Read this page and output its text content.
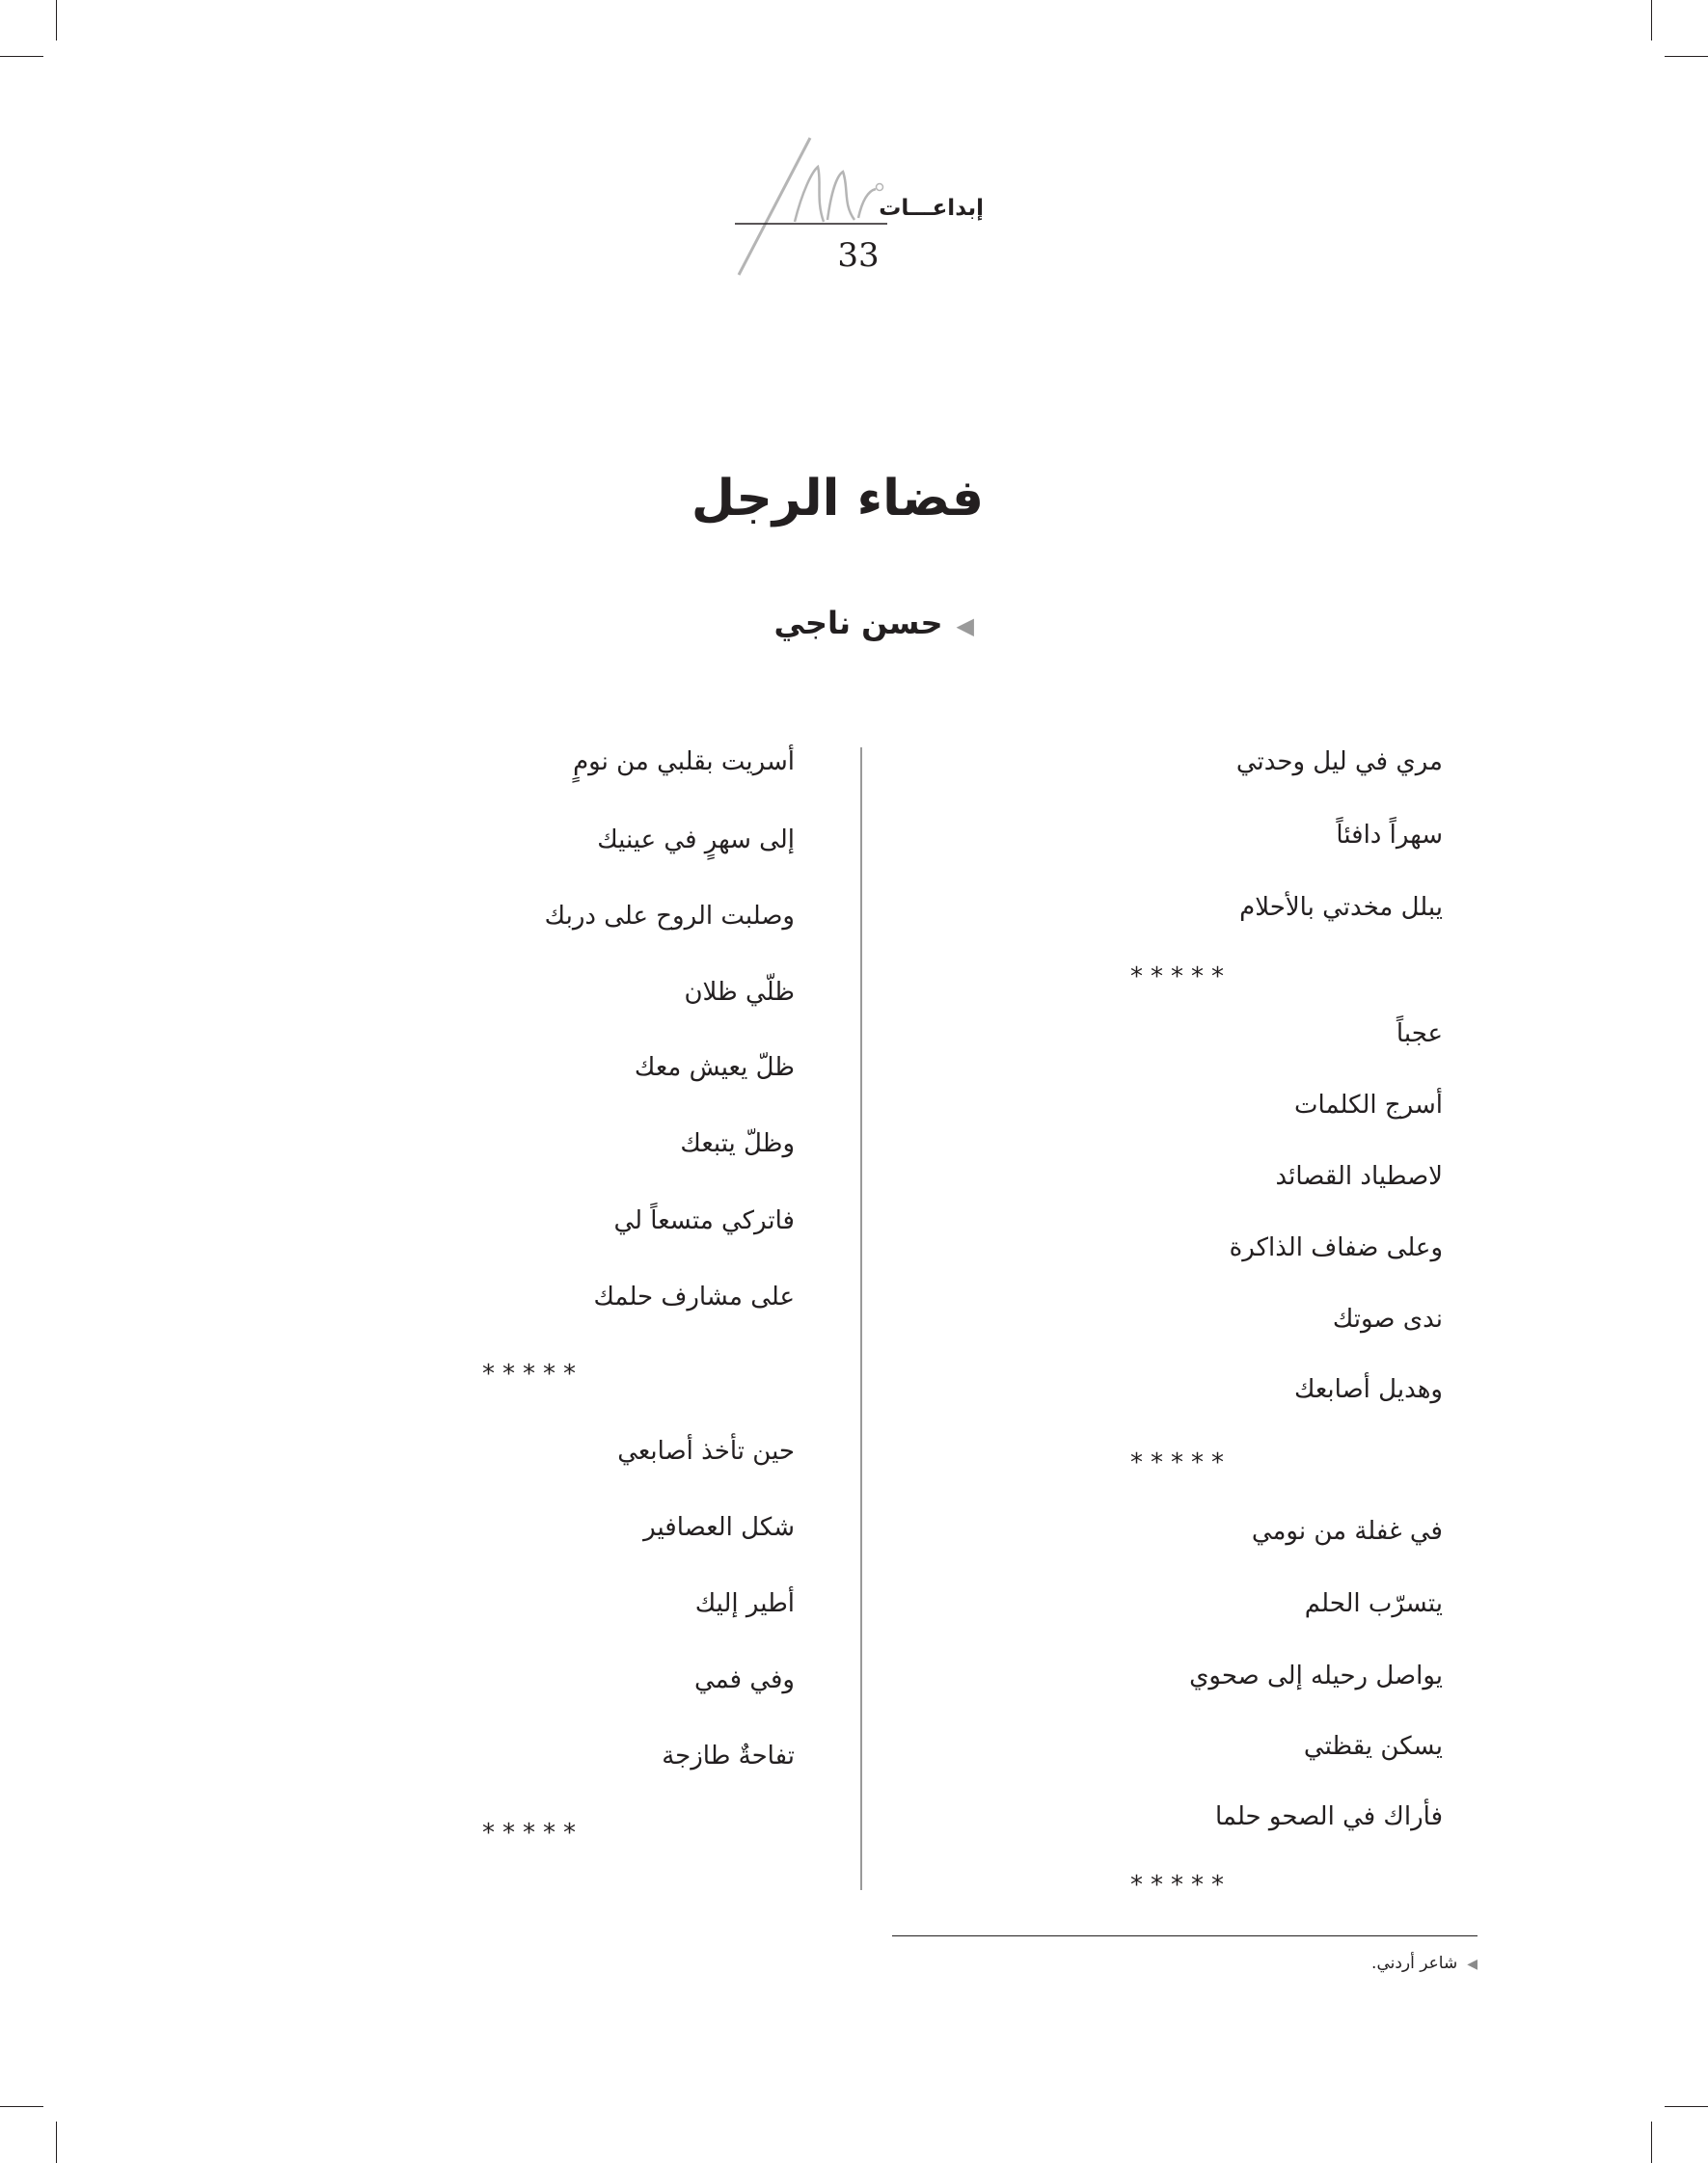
إبداعـــات
33
فضاء الرجل
◀حسن ناجي
مري في ليل وحدتي
سهراً دافئاً
يبلل مخدتي بالأحلام
*****
عجباً
أسرج الكلمات
لاصطياد القصائد
وعلى ضفاف الذاكرة
ندى صوتك
وهديل أصابعك
*****
في غفلة من نومي
يتسرّب الحلم
يواصل رحيله إلى صحوي
يسكن يقظتي
فأراك في الصحو حلما
*****
أسريت بقلبي من نومٍ
إلى سهرٍ في عينيك
وصلبت الروح على دربك
ظلّي ظلان
ظلّ يعيش معك
وظلّ يتبعك
فاتركي متسعاً لي
على مشارف حلمك
*****
حين تأخذ أصابعي
شكل العصافير
أطير إليك
وفي فمي
تفاحةٌ طازجة
*****
◀شاعر أردني.
